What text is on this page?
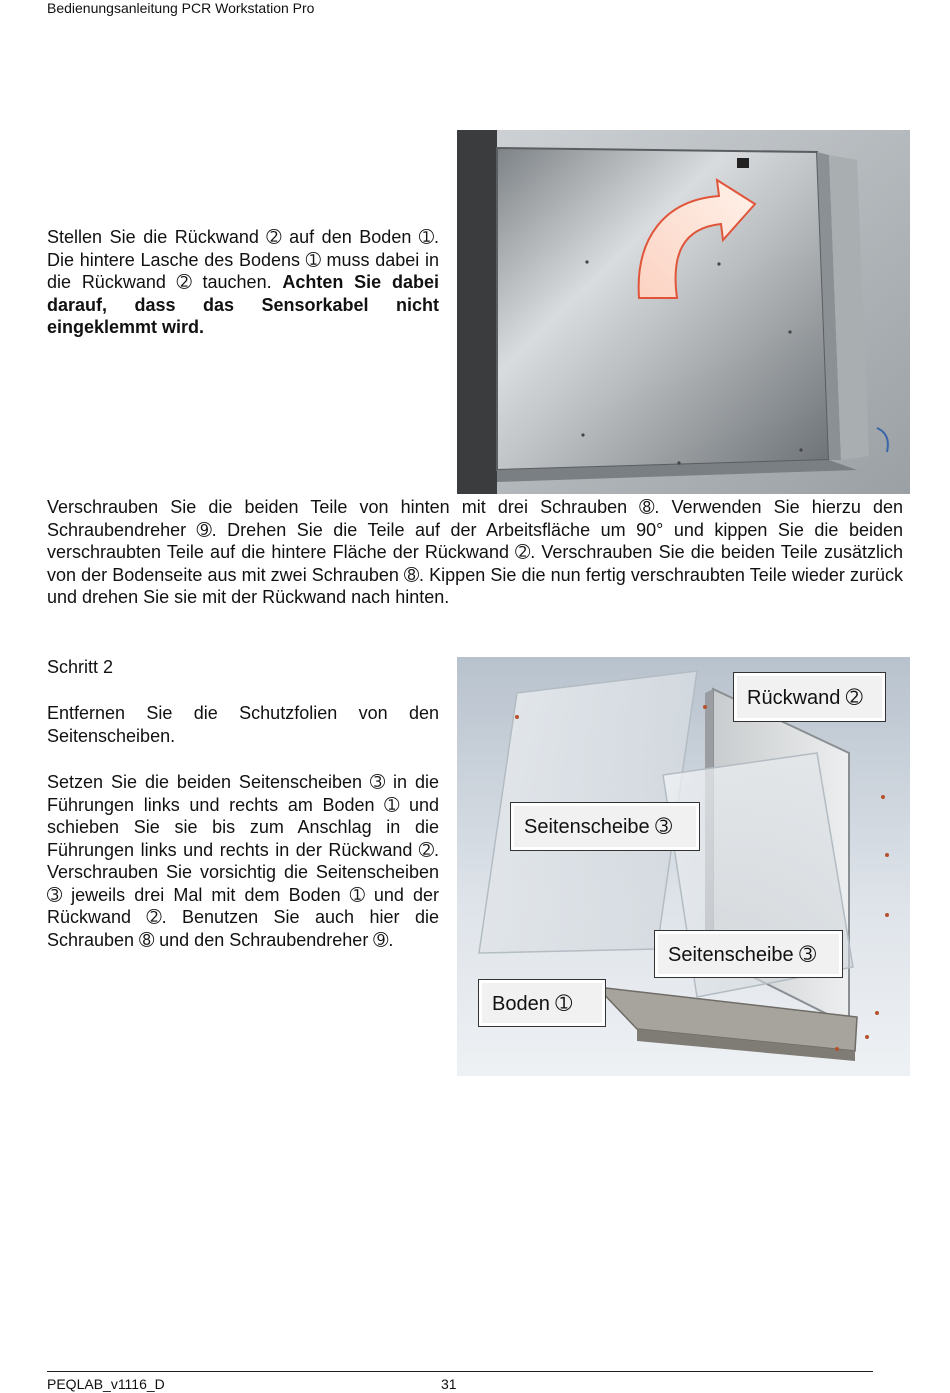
Bedienungsanleitung PCR Workstation Pro
Stellen Sie die Rückwand ➁ auf den Boden ➀. Die hintere Lasche des Bodens ➀ muss dabei in die Rückwand ➁ tauchen. Achten Sie dabei darauf, dass das Sensorkabel nicht eingeklemmt wird.
Verschrauben Sie die beiden Teile von hinten mit drei Schrauben ➇. Verwenden Sie hierzu den Schraubendreher ➈. Drehen Sie die Teile auf der Arbeitsfläche um 90° und kippen Sie die beiden verschraubten Teile auf die hintere Fläche der Rückwand ➁. Verschrauben Sie die beiden Teile zusätzlich von der Bodenseite aus mit zwei Schrauben ➇. Kippen Sie die nun fertig verschraubten Teile wieder zurück und drehen Sie sie mit der Rückwand nach hinten.
Schritt 2
Entfernen Sie die Schutzfolien von den Seitenscheiben.
Setzen Sie die beiden Seitenscheiben ➂ in die Führungen links und rechts am Boden ➀ und schieben Sie sie bis zum Anschlag in die Führungen links und rechts in der Rückwand ➁. Verschrauben Sie vorsichtig die Seitenscheiben ➂ jeweils drei Mal mit dem Boden ➀ und der Rückwand ➁. Benutzen Sie auch hier die Schrauben ➇ und den Schraubendreher ➈.
Rückwand ➁
Seitenscheibe ➂
Seitenscheibe ➂
Boden ➀
PEQLAB_v1116_D	31
